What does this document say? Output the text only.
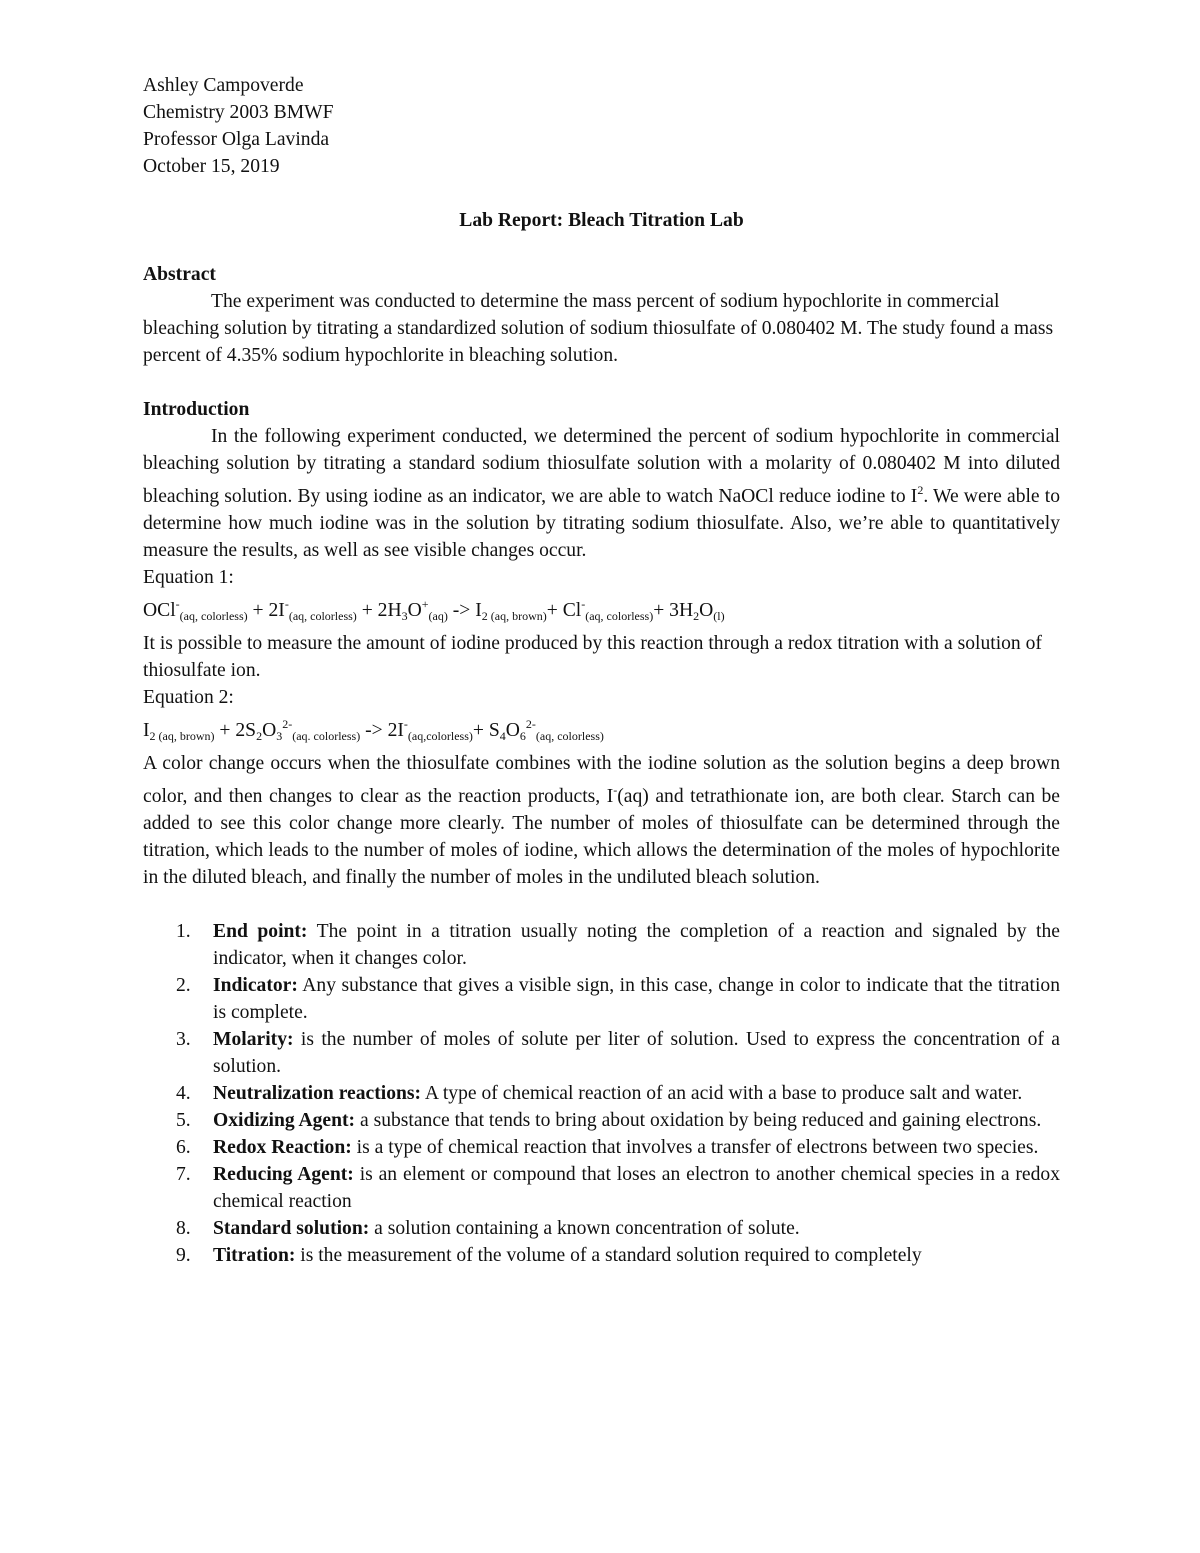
Ashley Campoverde
Chemistry 2003 BMWF
Professor Olga Lavinda
October 15, 2019
Lab Report: Bleach Titration Lab
Abstract
The experiment was conducted to determine the mass percent of sodium hypochlorite in commercial bleaching solution by titrating a standardized solution of sodium thiosulfate of 0.080402 M. The study found a mass percent of 4.35% sodium hypochlorite in bleaching solution.
Introduction
In the following experiment conducted, we determined the percent of sodium hypochlorite in commercial bleaching solution by titrating a standard sodium thiosulfate solution with a molarity of 0.080402 M into diluted bleaching solution. By using iodine as an indicator, we are able to watch NaOCl reduce iodine to $I^2$. We were able to determine how much iodine was in the solution by titrating sodium thiosulfate. Also, we’re able to quantitatively measure the results, as well as see visible changes occur.
Equation 1:
$OCl^-_{(aq, colorless)} + 2I^-_{(aq, colorless)} + 2H_3O^+_{(aq)} -> I_{2 (aq, brown)}+ Cl^-_{(aq, colorless)}+ 3H_2O_{(l)}$
It is possible to measure the amount of iodine produced by this reaction through a redox titration with a solution of thiosulfate ion.
Equation 2:
$I_{2 (aq, brown)} + 2S_2O_3^{2-}_{(aq. colorless)} -> 2I^-_{(aq,colorless)}+ S_4O_6^{2-}_{(aq, colorless)}$
A color change occurs when the thiosulfate combines with the iodine solution as the solution begins a deep brown color, and then changes to clear as the reaction products, I-(aq) and tetrathionate ion, are both clear. Starch can be added to see this color change more clearly. The number of moles of thiosulfate can be determined through the titration, which leads to the number of moles of iodine, which allows the determination of the moles of hypochlorite in the diluted bleach, and finally the number of moles in the undiluted bleach solution.
1.	End point: The point in a titration usually noting the completion of a reaction and signaled by the indicator, when it changes color.
2.	Indicator: Any substance that gives a visible sign, in this case, change in color to indicate that the titration is complete.
3.	Molarity: is the number of moles of solute per liter of solution. Used to express the concentration of a solution.
4.	Neutralization reactions: A type of chemical reaction of an acid with a base to produce salt and water.
5.	Oxidizing Agent: a substance that tends to bring about oxidation by being reduced and gaining electrons.
6.	Redox Reaction: is a type of chemical reaction that involves a transfer of electrons between two species.
7.	Reducing Agent: is an element or compound that loses an electron to another chemical species in a redox chemical reaction
8.	Standard solution: a solution containing a known concentration of solute.
9.	Titration: is the measurement of the volume of a standard solution required to completely
